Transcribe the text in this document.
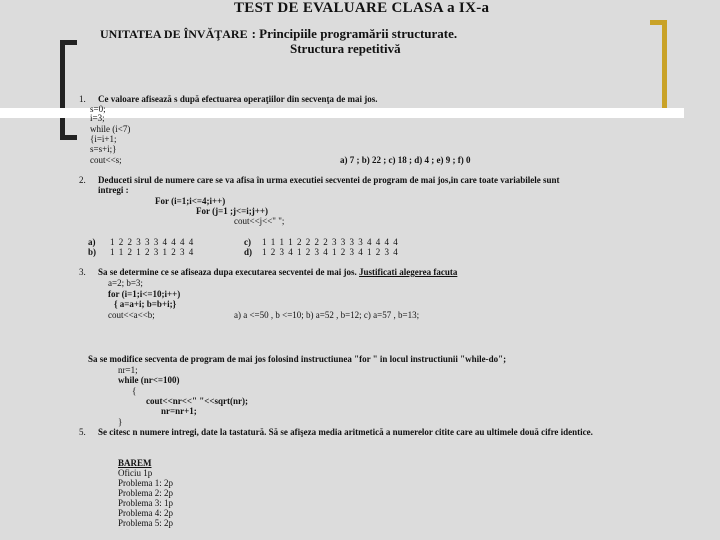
TEST DE EVALUARE CLASA a IX-a
UNITATEA DE ÎNVĂŢARE : Principiile programării structurate.
Structura repetitivă
1. Ce valoare afisează s după efectuarea operaţiilor din secvenţa de mai jos.
s=0;
i=3;
while (i<7)
{i=i+1;
s=s+i;}
cout<<s;	a) 7 ; b) 22 ; c) 18 ; d) 4 ; e) 9 ; f) 0
2. Deduceti sirul de numere care se va afisa în urma executiei secventei de program de mai jos,in care toate variabilele sunt
intregi :
For (i=1;i<=4;i++)
For (j=1 ;j<=i;j++)
cout<<j<<" ";
a) 1 2 2 3 3 3 4 4 4 4	c) 1 1 1 1 2 2 2 2 3 3 3 3 4 4 4 4
b) 1 1 2 1 2 3 1 2 3 4	d) 1 2 3 4 1 2 3 4 1 2 3 4 1 2 3 4
3. Sa se determine ce se afiseaza dupa executarea secventei de mai jos. Justificati alegerea facuta
a=2; b=3;
for (i=1;i<=10;i++)
{ a=a+i; b=b+i;}
cout<<a<<b;	a) a <=50 , b <=10; b) a=52 , b=12; c) a=57 , b=13;
Sa se modifice secventa de program de mai jos folosind instructiunea "for " in locul instructiunii "while-do";
nr=1;
while (nr<=100)
{
cout<<nr<<" "<<sqrt(nr);
nr=nr+1;
}
5. Se citesc n numere intregi, date la tastatură. Să se afişeza media aritmetică a numerelor citite care au ultimele două cifre identice.
BAREM
Oficiu 1p
Problema 1: 2p
Problema 2: 2p
Problema 3: 1p
Problema 4: 2p
Problema 5: 2p
